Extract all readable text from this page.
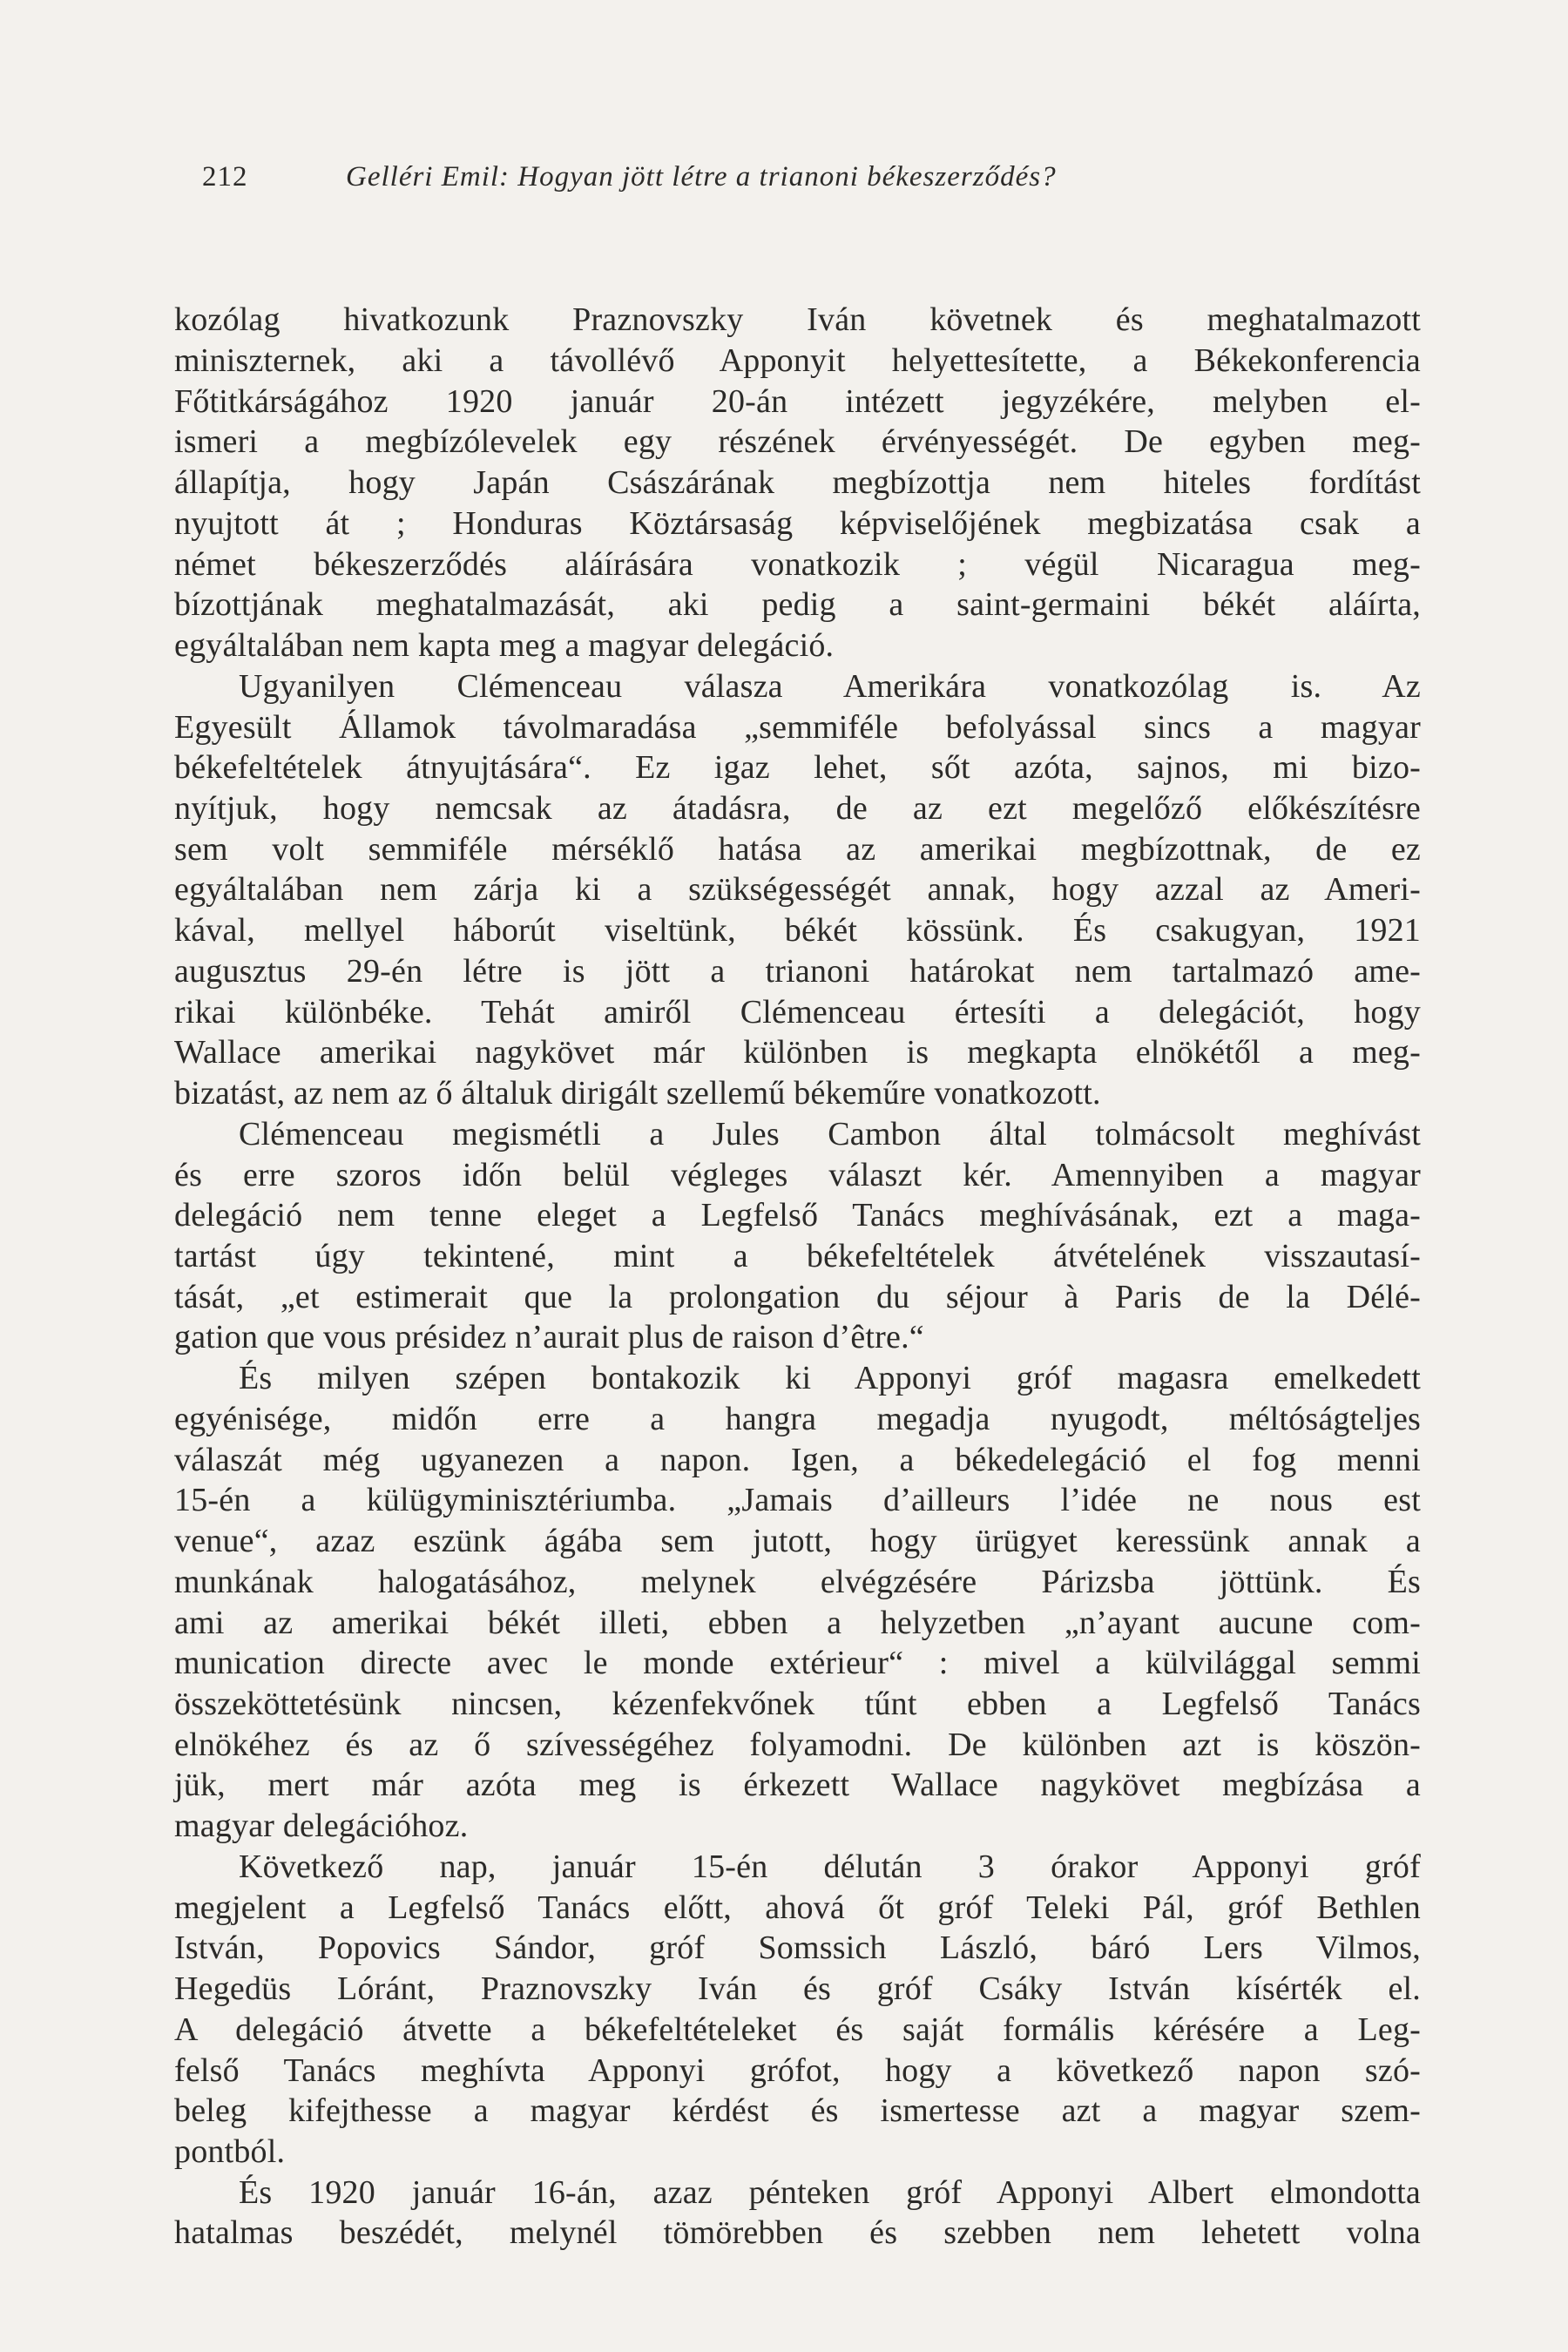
212	Gelléri Emil: Hogyan jött létre a trianoni békeszerződés?
kozólag hivatkozunk Praznovszky Iván követnek és meghatalmazott
miniszternek, aki a távollévő Apponyit helyettesítette, a Békekonferencia
Főtitkárságához 1920 január 20-án intézett jegyzékére, melyben el-
ismeri a megbízólevelek egy részének érvényességét. De egyben meg-
állapítja, hogy Japán Császárának megbízottja nem hiteles fordítást
nyujtott át ; Honduras Köztársaság képviselőjének megbizatása csak a
német békeszerződés aláírására vonatkozik ; végül Nicaragua meg-
bízottjának meghatalmazását, aki pedig a saint-germaini békét aláírta,
egyáltalában nem kapta meg a magyar delegáció.
Ugyanilyen Clémenceau válasza Amerikára vonatkozólag is. Az
Egyesült Államok távolmaradása „semmiféle befolyással sincs a magyar
békefeltételek átnyujtására“. Ez igaz lehet, sőt azóta, sajnos, mi bizo-
nyítjuk, hogy nemcsak az átadásra, de az ezt megelőző előkészítésre
sem volt semmiféle mérséklő hatása az amerikai megbízottnak, de ez
egyáltalában nem zárja ki a szükségességét annak, hogy azzal az Ameri-
kával, mellyel háborút viseltünk, békét kössünk. És csakugyan, 1921
augusztus 29-én létre is jött a trianoni határokat nem tartalmazó ame-
rikai különbéke. Tehát amiről Clémenceau értesíti a delegációt, hogy
Wallace amerikai nagykövet már különben is megkapta elnökétől a meg-
bizatást, az nem az ő általuk dirigált szellemű békeműre vonatkozott.
Clémenceau megismétli a Jules Cambon által tolmácsolt meghívást
és erre szoros időn belül végleges választ kér. Amennyiben a magyar
delegáció nem tenne eleget a Legfelső Tanács meghívásának, ezt a maga-
tartást úgy tekintené, mint a békefeltételek átvételének visszautasí-
tását, „et estimerait que la prolongation du séjour à Paris de la Délé-
gation que vous présidez n’aurait plus de raison d’être.“
És milyen szépen bontakozik ki Apponyi gróf magasra emelkedett
egyénisége, midőn erre a hangra megadja nyugodt, méltóságteljes
válaszát még ugyanezen a napon. Igen, a békedelegáció el fog menni
15-én a külügyminisztériumba. „Jamais d’ailleurs l’idée ne nous est
venue“, azaz eszünk ágába sem jutott, hogy ürügyet keressünk annak a
munkának halogatásához, melynek elvégzésére Párizsba jöttünk. És
ami az amerikai békét illeti, ebben a helyzetben „n’ayant aucune com-
munication directe avec le monde extérieur“ : mivel a külvilággal semmi
összeköttetésünk nincsen, kézenfekvőnek tűnt ebben a Legfelső Tanács
elnökéhez és az ő szívességéhez folyamodni. De különben azt is köszön-
jük, mert már azóta meg is érkezett Wallace nagykövet megbízása a
magyar delegációhoz.
Következő nap, január 15-én délután 3 órakor Apponyi gróf
megjelent a Legfelső Tanács előtt, ahová őt gróf Teleki Pál, gróf Bethlen
István, Popovics Sándor, gróf Somssich László, báró Lers Vilmos,
Hegedüs Lóránt, Praznovszky Iván és gróf Csáky István kísérték el.
A delegáció átvette a békefeltételeket és saját formális kérésére a Leg-
felső Tanács meghívta Apponyi grófot, hogy a következő napon szó-
beleg kifejthesse a magyar kérdést és ismertesse azt a magyar szem-
pontból.
És 1920 január 16-án, azaz pénteken gróf Apponyi Albert elmondotta
hatalmas beszédét, melynél tömörebben és szebben nem lehetett volna
